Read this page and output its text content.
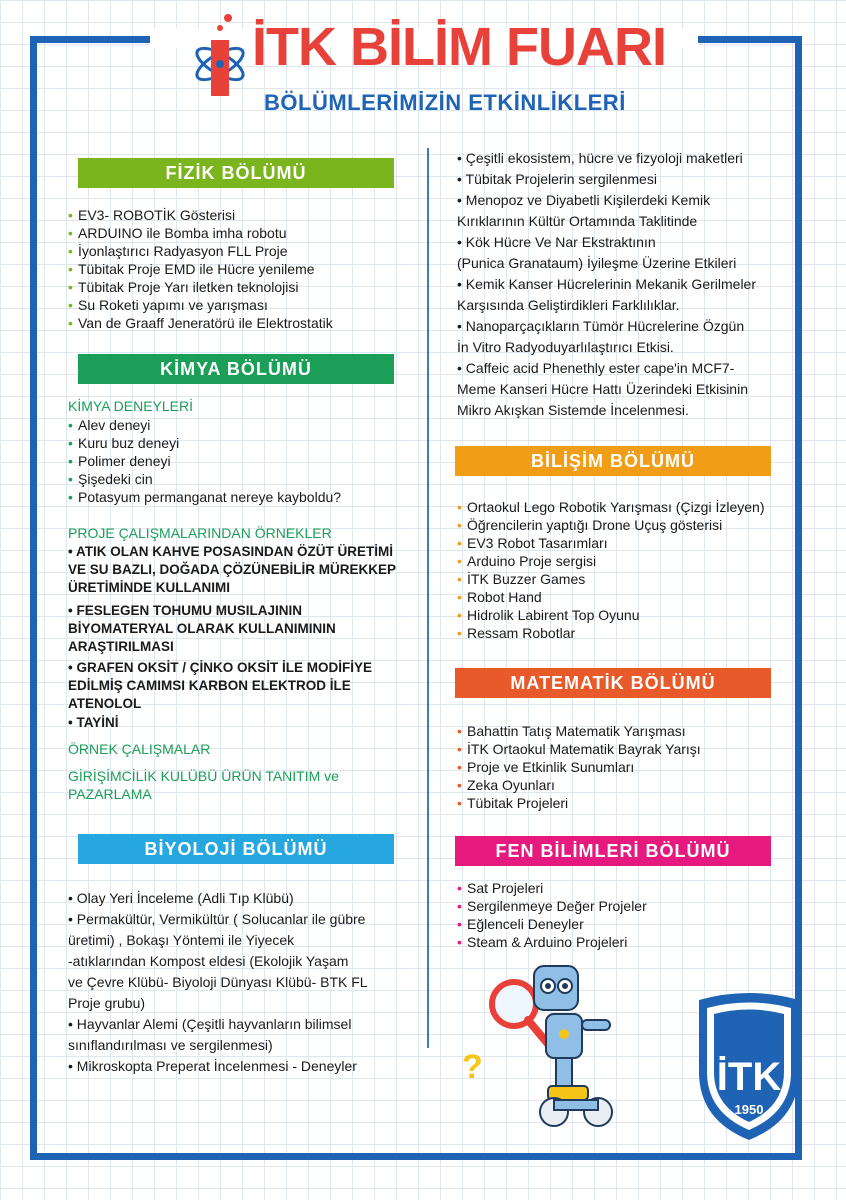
İTK BİLİM FUARI
BÖLÜMLERİMİZİN ETKİNLİKLERİ
FİZİK BÖLÜMÜ
• EV3- ROBOTİK Gösterisi
• ARDUINO ile Bomba imha robotu
• İyonlaştırıcı Radyasyon FLL Proje
• Tübitak Proje EMD ile Hücre yenileme
• Tübitak Proje Yarı iletken teknolojisi
• Su Roketi yapımı ve yarışması
• Van de Graaff Jeneratörü ile Elektrostatik
KİMYA BÖLÜMÜ
KİMYA DENEYLERİ
• Alev deneyi
• Kuru buz deneyi
• Polimer deneyi
• Şişedeki cin
• Potasyum permanganat nereye kayboldu?
PROJE ÇALIŞMALARINDAN ÖRNEKLER
• ATIK OLAN KAHVE POSASINDAN ÖZÜT ÜRETİMİ
VE SU BAZLI, DOĞADA ÇÖZÜNEBİLİR MÜREKKEP
ÜRETİMİNDE KULLANIMI
• FESLEGEN TOHUMU MUSILAJININ
BİYOMATERYAL OLARAK KULLANIMININ
ARAŞTIRILMASI
• GRAFEN OKSİT / ÇİNKO OKSİT İLE MODİFİYE
EDİLMİŞ CAMIMSI KARBON ELEKTROD İLE
ATENOLOL
• TAYİNİ
ÖRNEK ÇALIŞMALAR
GİRİŞİMCİLİK KULÜBÜ ÜRÜN TANITIM ve
PAZARLAMA
BİYOLOJİ BÖLÜMÜ

• Olay Yeri İnceleme (Adli Tıp Klübü)

• Permakültür, Vermikültür ( Solucanlar ile gübre

üretimi) , Bokaşı Yöntemi ile Yiyecek

-atıklarından Kompost eldesi (Ekolojik Yaşam

ve Çevre Klübü- Biyoloji Dünyası Klübü- BTK FL

Proje grubu)

• Hayvanlar Alemi (Çeşitli hayvanların bilimsel

sınıflandırılması ve sergilenmesi)

• Mikroskopta Preperat İncelenmesi - Deneyler

• Çeşitli ekosistem, hücre ve fizyoloji maketleri

• Tübitak Projelerin sergilenmesi

• Menopoz ve Diyabetli Kişilerdeki Kemik

Kırıklarının Kültür Ortamında Taklitinde

• Kök Hücre Ve Nar Ekstraktının

(Punica Granataum) İyileşme Üzerine Etkileri

• Kemik Kanser Hücrelerinin Mekanik Gerilmeler

Karşısında Geliştirdikleri Farklılıklar.

• Nanoparçaçıkların Tümör Hücrelerine Özgün

İn Vitro Radyoduyarlılaştırıcı Etkisi.

• Caffeic acid Phenethly ester cape'in MCF7-

Meme Kanseri Hücre Hattı Üzerindeki Etkisinin

Mikro Akışkan Sistemde İncelenmesi.

BİLİŞİM BÖLÜMÜ
• Ortaokul Lego Robotik Yarışması (Çizgi İzleyen)
• Öğrencilerin yaptığı Drone Uçuş gösterisi
• EV3 Robot Tasarımları
• Arduino Proje sergisi
• İTK Buzzer Games
• Robot Hand
• Hidrolik Labirent Top Oyunu
• Ressam Robotlar
MATEMATİK BÖLÜMÜ
• Bahattin Tatış Matematik Yarışması
• İTK Ortaokul Matematik Bayrak Yarışı
• Proje ve Etkinlik Sunumları
• Zeka Oyunları
• Tübitak Projeleri
FEN BİLİMLERİ BÖLÜMÜ
• Sat Projeleri
• Sergilenmeye Değer Projeler
• Eğlenceli Deneyler
• Steam & Arduino Projeleri
?	İTK
1950
